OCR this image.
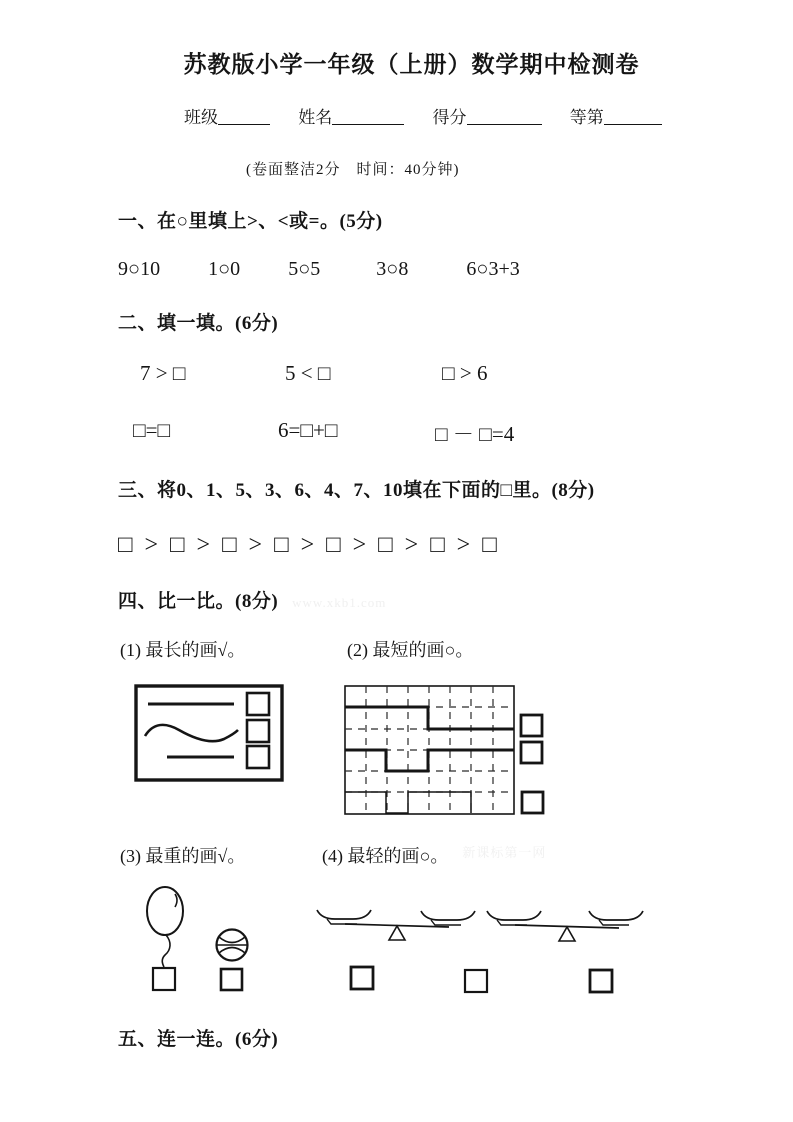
苏教版小学一年级（上册）数学期中检测卷
班级	姓名	得分	等第
(卷面整洁2分　时间：40分钟)
一、在○里填上>、<或=。(5分)
9○10 1○0 5○5	3○8	6○3+3
二、填一填。(6分)
7 > □	5 < □	□ > 6
□=□	6=□+□	□ － □=4
三、将0、1、5、3、6、4、7、10填在下面的□里。(8分)
□ > □ > □ > □ > □ > □ > □ > □
四、比一比。(8分) www.xkb1.com
(1) 最长的画√。	(2) 最短的画○。
(3) 最重的画√。	(4) 最轻的画○。 新课标第一网
五、连一连。(6分)
